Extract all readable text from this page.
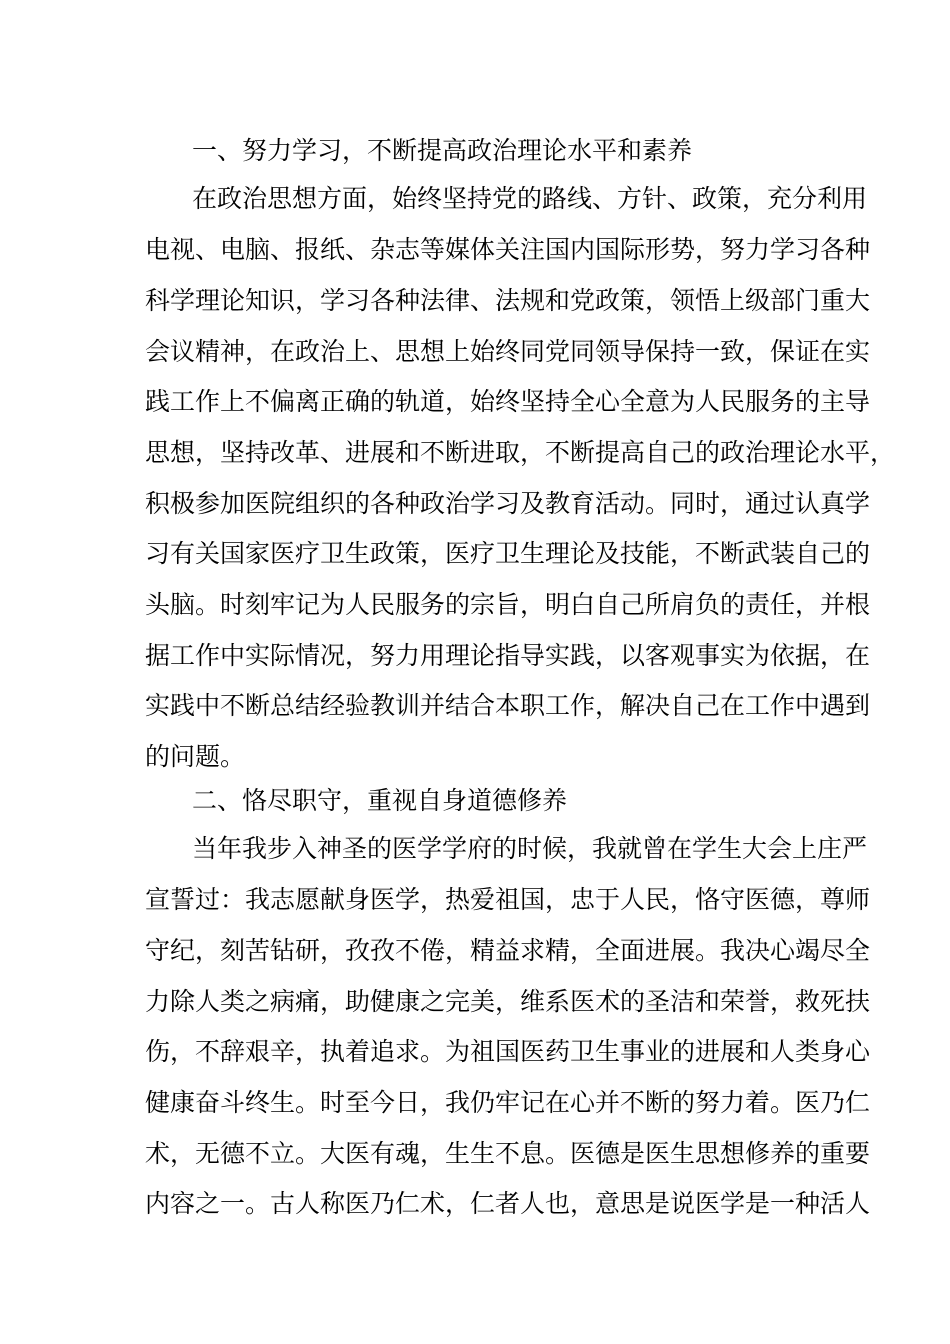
一、努力学习，不断提高政治理论水平和素养
在政治思想方面，始终坚持党的路线、方针、政策，充分利用
电视、电脑、报纸、杂志等媒体关注国内国际形势，努力学习各种
科学理论知识，学习各种法律、法规和党政策，领悟上级部门重大
会议精神，在政治上、思想上始终同党同领导保持一致，保证在实
践工作上不偏离正确的轨道，始终坚持全心全意为人民服务的主导
思想，坚持改革、进展和不断进取，不断提高自己的政治理论水平，
积极参加医院组织的各种政治学习及教育活动。同时，通过认真学
习有关国家医疗卫生政策，医疗卫生理论及技能，不断武装自己的
头脑。时刻牢记为人民服务的宗旨，明白自己所肩负的责任，并根
据工作中实际情况，努力用理论指导实践，以客观事实为依据，在
实践中不断总结经验教训并结合本职工作，解决自己在工作中遇到
的问题。
二、恪尽职守，重视自身道德修养
当年我步入神圣的医学学府的时候，我就曾在学生大会上庄严
宣誓过：我志愿献身医学，热爱祖国，忠于人民，恪守医德，尊师
守纪，刻苦钻研，孜孜不倦，精益求精，全面进展。我决心竭尽全
力除人类之病痛，助健康之完美，维系医术的圣洁和荣誉，救死扶
伤，不辞艰辛，执着追求。为祖国医药卫生事业的进展和人类身心
健康奋斗终生。时至今日，我仍牢记在心并不断的努力着。医乃仁
术，无德不立。大医有魂，生生不息。医德是医生思想修养的重要
内容之一。古人称医乃仁术，仁者人也，意思是说医学是一种活人
